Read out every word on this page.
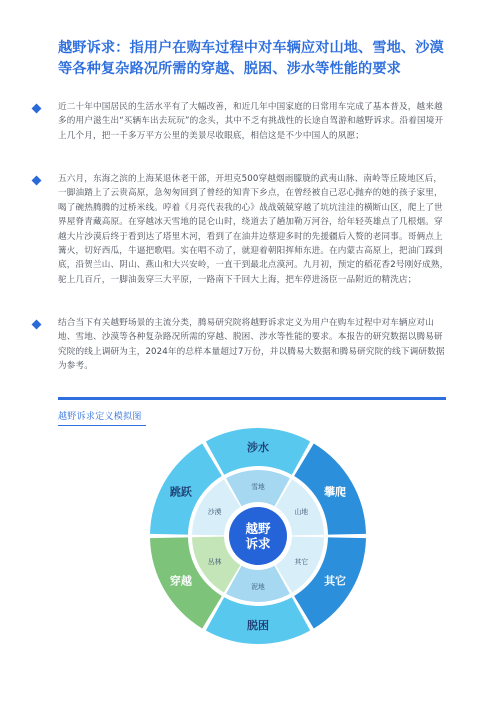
越野诉求：指用户在购车过程中对车辆应对山地、雪地、沙漠等各种复杂路况所需的穿越、脱困、涉水等性能的要求
近二十年中国居民的生活水平有了大幅改善，和近几年中国家庭的日常用车完成了基本普及，越来越多的用户滋生出“买辆车出去玩玩”的念头，其中不乏有挑战性的长途自驾游和越野诉求。沿着国境开上几个月，把一千多万平方公里的美景尽收眼底，相信这是不少中国人的夙愿；
五六月，东海之滨的上海某退休老干部，开坦克500穿越烟雨朦胧的武夷山脉、南岭等丘陵地区后，一脚油踏上了云贵高原，急匆匆回到了曾经的知青下乡点，在曾经被自己忍心抛弃的她的孩子家里，喝了碗热腾腾的过桥米线。哼着《月亮代表我的心》战战兢兢穿越了坑坑洼洼的横断山区，爬上了世界屋脊青藏高原。在穿越冰天雪地的昆仑山时，绕道去了趟加勒万河谷，给年轻英雄点了几根烟。穿越大片沙漠后终于看到达了塔里木河，看到了在油井边蔡迎多时的先援疆后入赘的老同事。哥俩点上篝火，切好西瓜，牛逼把歌唱。实在唱不动了，就迎着朝阳挥师东进。在内蒙古高原上，把油门踩到底，沿贺兰山、阴山、燕山和大兴安岭，一直干到最北点漠河。九月初，预定的稻花香2号刚好成熟，驼上几百斤，一脚油轰穿三大平原，一路南下千回大上海，把车停进汤臣一品附近的精洗店；
结合当下有关越野场景的主流分类，腾易研究院将越野诉求定义为用户在购车过程中对车辆应对山地、雪地、沙漠等各种复杂路况所需的穿越、脱困、涉水等性能的要求。本报告的研究数据以腾易研究院的线上调研为主，2024年的总样本量超过7万份，并以腾易大数据和腾易研究院的线下调研数据为参考。
越野诉求定义模拟图
涉水
攀爬
其它
脱困
穿越
跳跃	雪地
山地
其它
泥地
丛林
沙漠
越野
诉求
